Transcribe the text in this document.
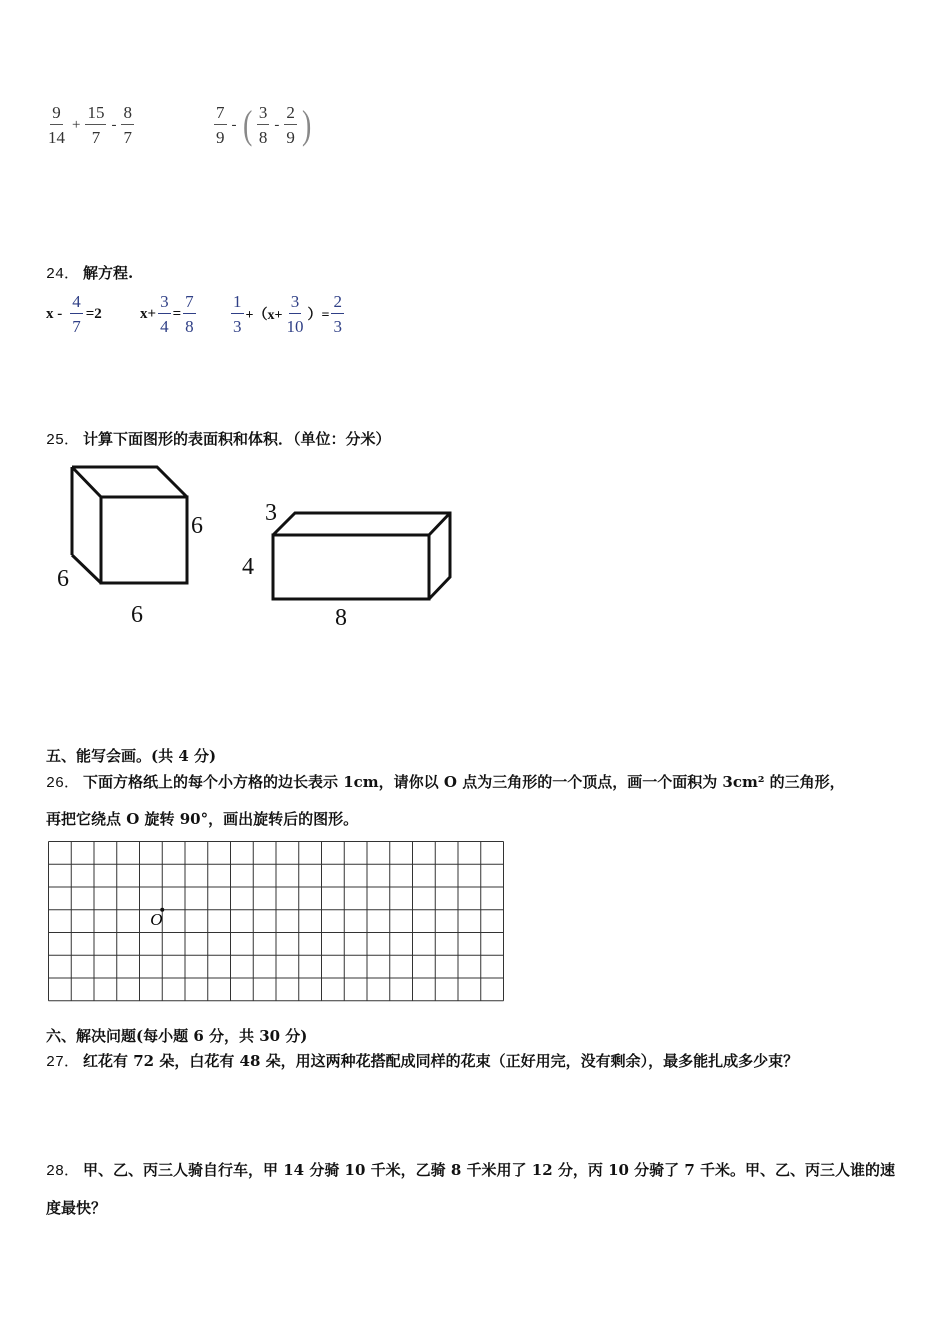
$\frac{9}{14} + \frac{15}{7} - \frac{8}{7}$	$\frac{7}{9}$ - ( $\frac{3}{8} - \frac{2}{9}$ )
24． 解方程.
$x - \frac{4}{7} =2$	$x+ \frac{3}{4} = \frac{7}{8} \frac{1}{3} +(x+ \frac{3}{10}$ ）= $\frac{2}{3}$
25． 计算下面图形的表面积和体积．（单位：分米）
6
6
6
3
4
8
五、能写会画。(共 4 分)
26． 下面方格纸上的每个小方格的边长表示 1cm，请你以 O 点为三角形的一个顶点，画一个面积为 3cm² 的三角形，
再把它绕点 O 旋转 90°，画出旋转后的图形。
O
六、解决问题(每小题 6 分，共 30 分)
27． 红花有 72 朵，白花有 48 朵，用这两种花搭配成同样的花束（正好用完，没有剩余），最多能扎成多少束？
28． 甲、乙、丙三人骑自行车，甲 14 分骑 10 千米，乙骑 8 千米用了 12 分，丙 10 分骑了 7 千米。甲、乙、丙三人谁的速
度最快？
